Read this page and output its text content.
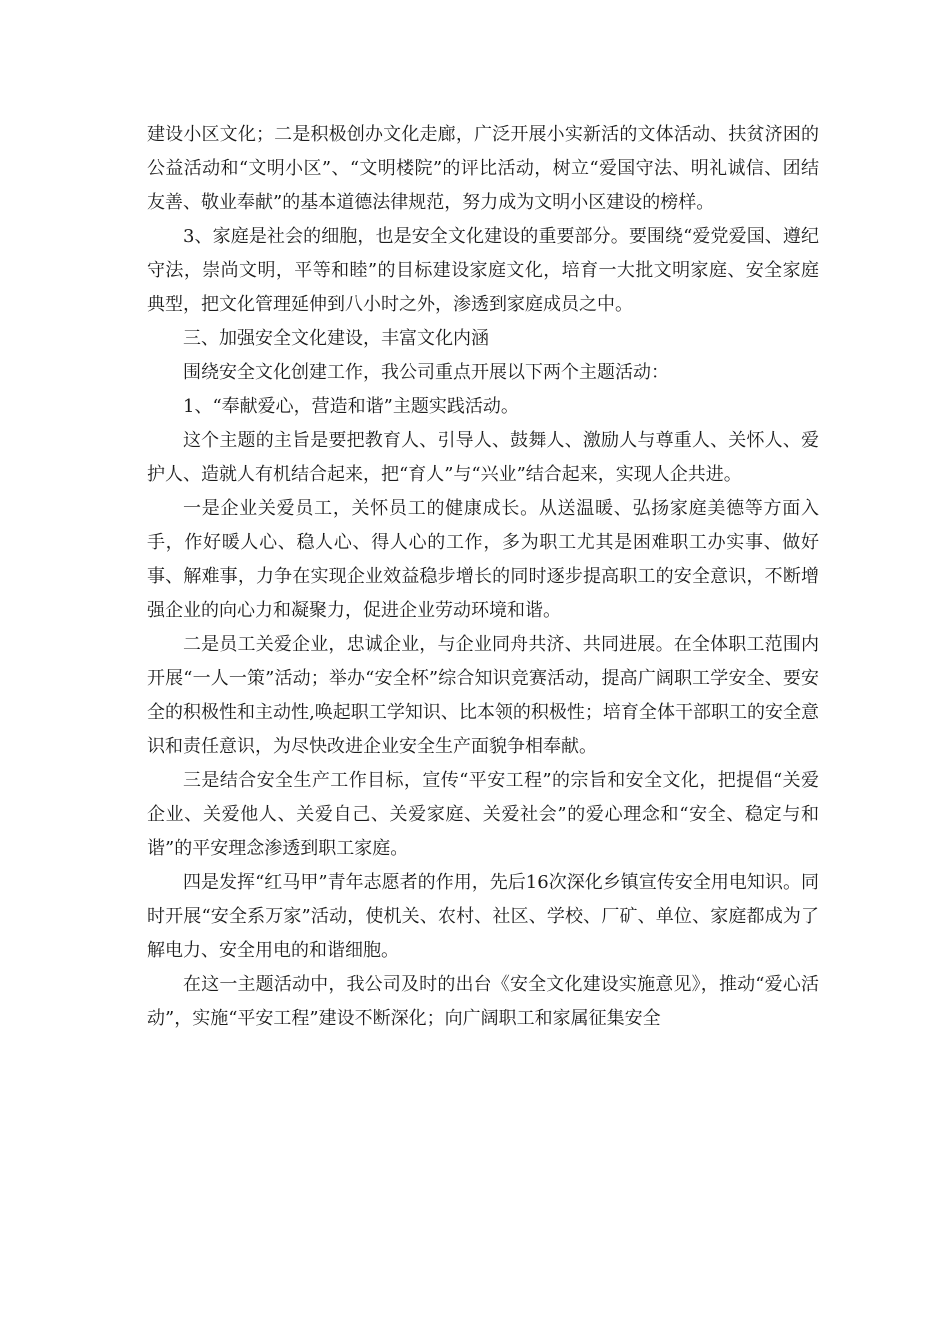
建设小区文化；二是积极创办文化走廊，广泛开展小实新活的文体活动、扶贫济困的公益活动和“文明小区”、“文明楼院”的评比活动，树立“爱国守法、明礼诚信、团结友善、敬业奉献”的基本道德法律规范，努力成为文明小区建设的榜样。

3、家庭是社会的细胞，也是安全文化建设的重要部分。要围绕“爱党爱国、遵纪守法，崇尚文明，平等和睦”的目标建设家庭文化，培育一大批文明家庭、安全家庭典型，把文化管理延伸到八小时之外，渗透到家庭成员之中。

三、加强安全文化建设，丰富文化内涵

围绕安全文化创建工作，我公司重点开展以下两个主题活动：

1、“奉献爱心，营造和谐”主题实践活动。

这个主题的主旨是要把教育人、引导人、鼓舞人、激励人与尊重人、关怀人、爱护人、造就人有机结合起来，把“育人”与“兴业”结合起来，实现人企共进。

一是企业关爱员工，关怀员工的健康成长。从送温暖、弘扬家庭美德等方面入手，作好暖人心、稳人心、得人心的工作，多为职工尤其是困难职工办实事、做好事、解难事，力争在实现企业效益稳步增长的同时逐步提高职工的安全意识，不断增强企业的向心力和凝聚力，促进企业劳动环境和谐。

二是员工关爱企业，忠诚企业，与企业同舟共济、共同进展。在全体职工范围内开展“一人一策”活动；举办“安全杯”综合知识竞赛活动，提高广阔职工学安全、要安全的积极性和主动性,唤起职工学知识、比本领的积极性；培育全体干部职工的安全意识和责任意识，为尽快改进企业安全生产面貌争相奉献。

三是结合安全生产工作目标，宣传“平安工程”的宗旨和安全文化，把提倡“关爱企业、关爱他人、关爱自己、关爱家庭、关爱社会”的爱心理念和“安全、稳定与和谐”的平安理念渗透到职工家庭。

四是发挥“红马甲”青年志愿者的作用，先后16次深化乡镇宣传安全用电知识。同时开展“安全系万家”活动，使机关、农村、社区、学校、厂矿、单位、家庭都成为了解电力、安全用电的和谐细胞。

在这一主题活动中，我公司及时的出台《安全文化建设实施意见》，推动“爱心活动”，实施“平安工程”建设不断深化；向广阔职工和家属征集安全
